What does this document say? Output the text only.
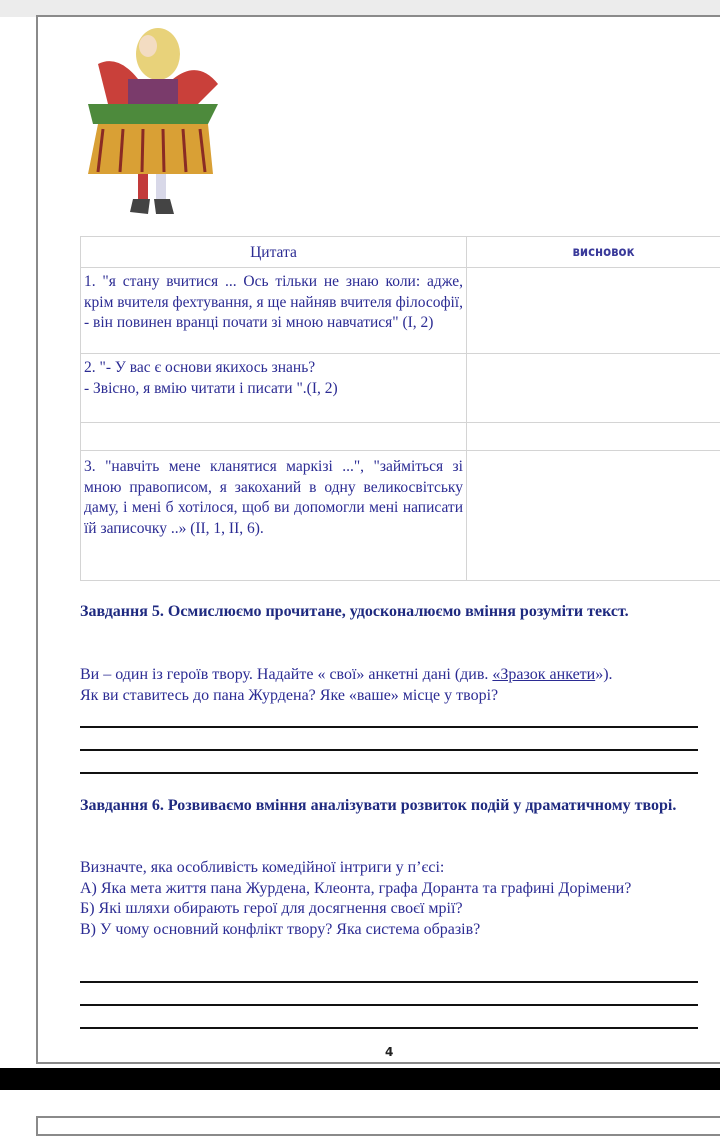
Цитата	висновок
1. "я стану вчитися ... Ось тільки не знаю коли: адже, крім вчителя фехтування, я ще найняв вчителя філософії, - він повинен вранці почати зі мною навчатися" (І, 2)	

2. "- У вас є основи якихось знань?
- Звісно, я вмію читати і писати ".(І, 2)	

3. "навчіть мене кланятися маркізі ...", "займіться зі мною правописом, я закоханий в одну великосвітську даму, і мені б хотілося, щоб ви допомогли мені написати їй записочку ..» (ІІ, 1, ІІ, 6).	
Завдання 5. Осмислюємо прочитане, удосконалюємо вміння розуміти текст.
Ви – один із героїв твору. Надайте « свої» анкетні дані (див. «Зразок анкети»).
Як ви ставитесь до пана Журдена? Яке «ваше» місце у творі?
Завдання 6. Розвиваємо вміння аналізувати розвиток подій у драматичному творі.
Визначте, яка особливість комедійної інтриги у п’єсі:
А) Яка мета життя пана Журдена, Клеонта, графа Доранта та графині Дорімени?
Б) Які шляхи обирають герої для досягнення своєї мрії?
В) У чому основний конфлікт твору? Яка система образів?
4
